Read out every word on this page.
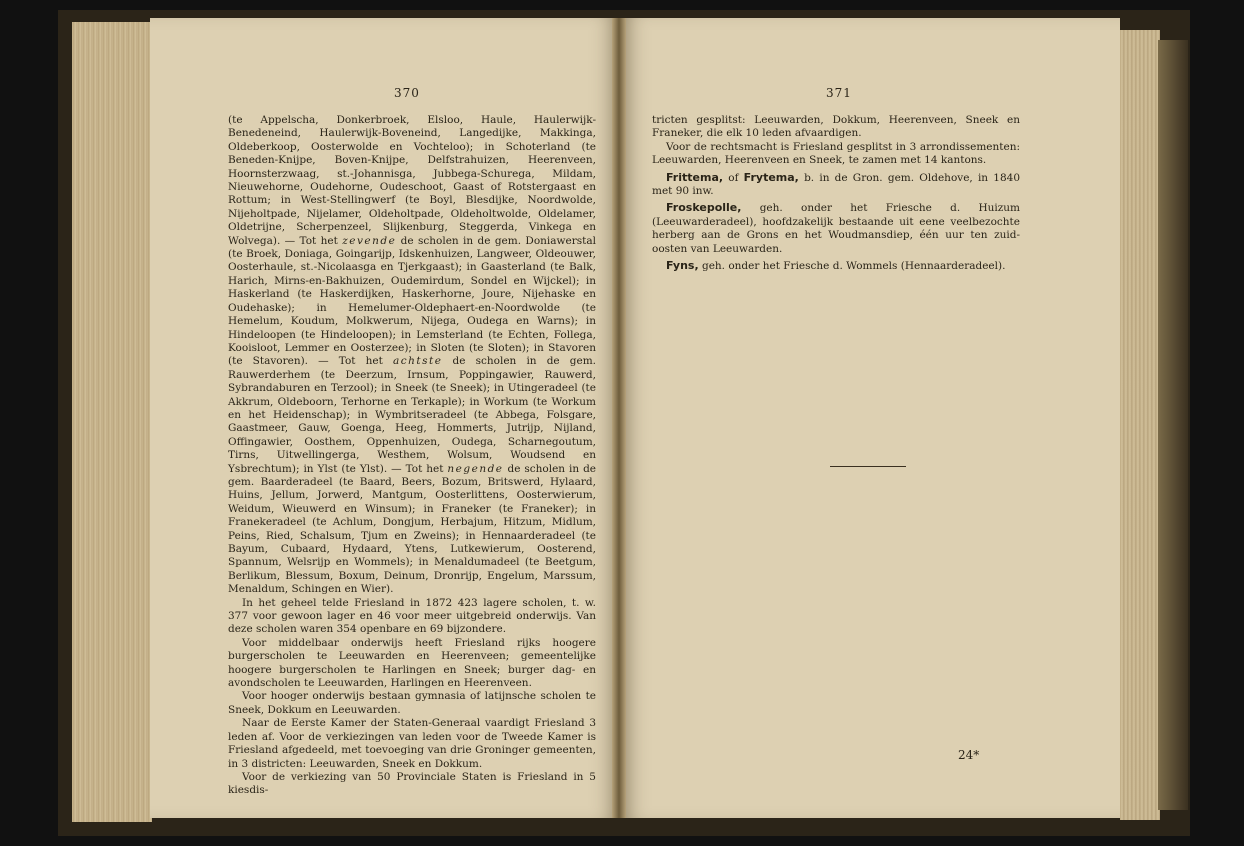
370	371

(te Appelscha, Donkerbroek, Elsloo, Haule, Haulerwijk-Benedeneind, Haulerwijk-Boveneind, Langedijke, Makkinga, Oldeberkoop, Oosterwolde en Vochteloo); in Schoterland (te Beneden-Knijpe, Boven-Knijpe, Delfstrahuizen, Heerenveen, Hoornsterzwaag, st.-Johannisga, Jubbega-Schurega, Mildam, Nieuwehorne, Oudehorne, Oudeschoot, Gaast of Rotstergaast en Rottum; in West-Stellingwerf (te Boyl, Blesdijke, Noordwolde, Nijeholtpade, Nijelamer, Oldeholtpade, Oldeholtwolde, Oldelamer, Oldetrijne, Scherpenzeel, Slijkenburg, Steggerda, Vinkega en Wolvega). — Tot het zevende de scholen in de gem. Doniawerstal (te Broek, Doniaga, Goingarijp, Idskenhuizen, Langweer, Oldeouwer, Oosterhaule, st.-Nicolaasga en Tjerkgaast); in Gaasterland (te Balk, Harich, Mirns-en-Bakhuizen, Oudemirdum, Sondel en Wijckel); in Haskerland (te Haskerdijken, Haskerhorne, Joure, Nijehaske en Oudehaske); in Hemelumer-Oldephaert-en-Noordwolde (te Hemelum, Koudum, Molkwerum, Nijega, Oudega en Warns); in Hindeloopen (te Hindeloopen); in Lemsterland (te Echten, Follega, Kooisloot, Lemmer en Oosterzee); in Sloten (te Sloten); in Stavoren (te Stavoren). — Tot het achtste de scholen in de gem. Rauwerderhem (te Deerzum, Irnsum, Poppingawier, Rauwerd, Sybrandaburen en Terzool); in Sneek (te Sneek); in Utingeradeel (te Akkrum, Oldeboorn, Terhorne en Terkaple); in Workum (te Workum en het Heidenschap); in Wymbritseradeel (te Abbega, Folsgare, Gaastmeer, Gauw, Goenga, Heeg, Hommerts, Jutrijp, Nijland, Offingawier, Oosthem, Oppenhuizen, Oudega, Scharnegoutum, Tirns, Uitwellingerga, Westhem, Wolsum, Woudsend en Ysbrechtum); in Ylst (te Ylst). — Tot het negende de scholen in de gem. Baarderadeel (te Baard, Beers, Bozum, Britswerd, Hylaard, Huins, Jellum, Jorwerd, Mantgum, Oosterlittens, Oosterwierum, Weidum, Wieuwerd en Winsum); in Franeker (te Franeker); in Franekeradeel (te Achlum, Dongjum, Herbajum, Hitzum, Midlum, Peins, Ried, Schalsum, Tjum en Zweins); in Hennaarderadeel (te Bayum, Cubaard, Hydaard, Ytens, Lutkewierum, Oosterend, Spannum, Welsrijp en Wommels); in Menaldumadeel (te Beetgum, Berlikum, Blessum, Boxum, Deinum, Dronrijp, Engelum, Marssum, Menaldum, Schingen en Wier).

In het geheel telde Friesland in 1872 423 lagere scholen, t. w. 377 voor gewoon lager en 46 voor meer uitgebreid onderwijs. Van deze scholen waren 354 openbare en 69 bijzondere.

Voor middelbaar onderwijs heeft Friesland rijks hoogere burgerscholen te Leeuwarden en Heerenveen; gemeentelijke hoogere burgerscholen te Harlingen en Sneek; burger dag- en avondscholen te Leeuwarden, Harlingen en Heerenveen.

Voor hooger onderwijs bestaan gymnasia of latijnsche scholen te Sneek, Dokkum en Leeuwarden.

Naar de Eerste Kamer der Staten-Generaal vaardigt Friesland 3 leden af. Voor de verkiezingen van leden voor de Tweede Kamer is Friesland afgedeeld, met toevoeging van drie Groninger gemeenten, in 3 districten: Leeuwarden, Sneek en Dokkum.

Voor de verkiezing van 50 Provinciale Staten is Friesland in 5 kiesdis-

tricten gesplitst: Leeuwarden, Dokkum, Heerenveen, Sneek en Franeker, die elk 10 leden afvaardigen.

Voor de rechtsmacht is Friesland gesplitst in 3 arrondissementen: Leeuwarden, Heerenveen en Sneek, te zamen met 14 kantons.

Frittema, of Frytema, b. in de Gron. gem. Oldehove, in 1840 met 90 inw.

Froskepolle, geh. onder het Friesche d. Huizum (Leeuwarderadeel), hoofdzakelijk bestaande uit eene veelbezochte herberg aan de Grons en het Woudmansdiep, één uur ten zuid-oosten van Leeuwarden.

Fyns, geh. onder het Friesche d. Wommels (Hennaarderadeel).

24*
